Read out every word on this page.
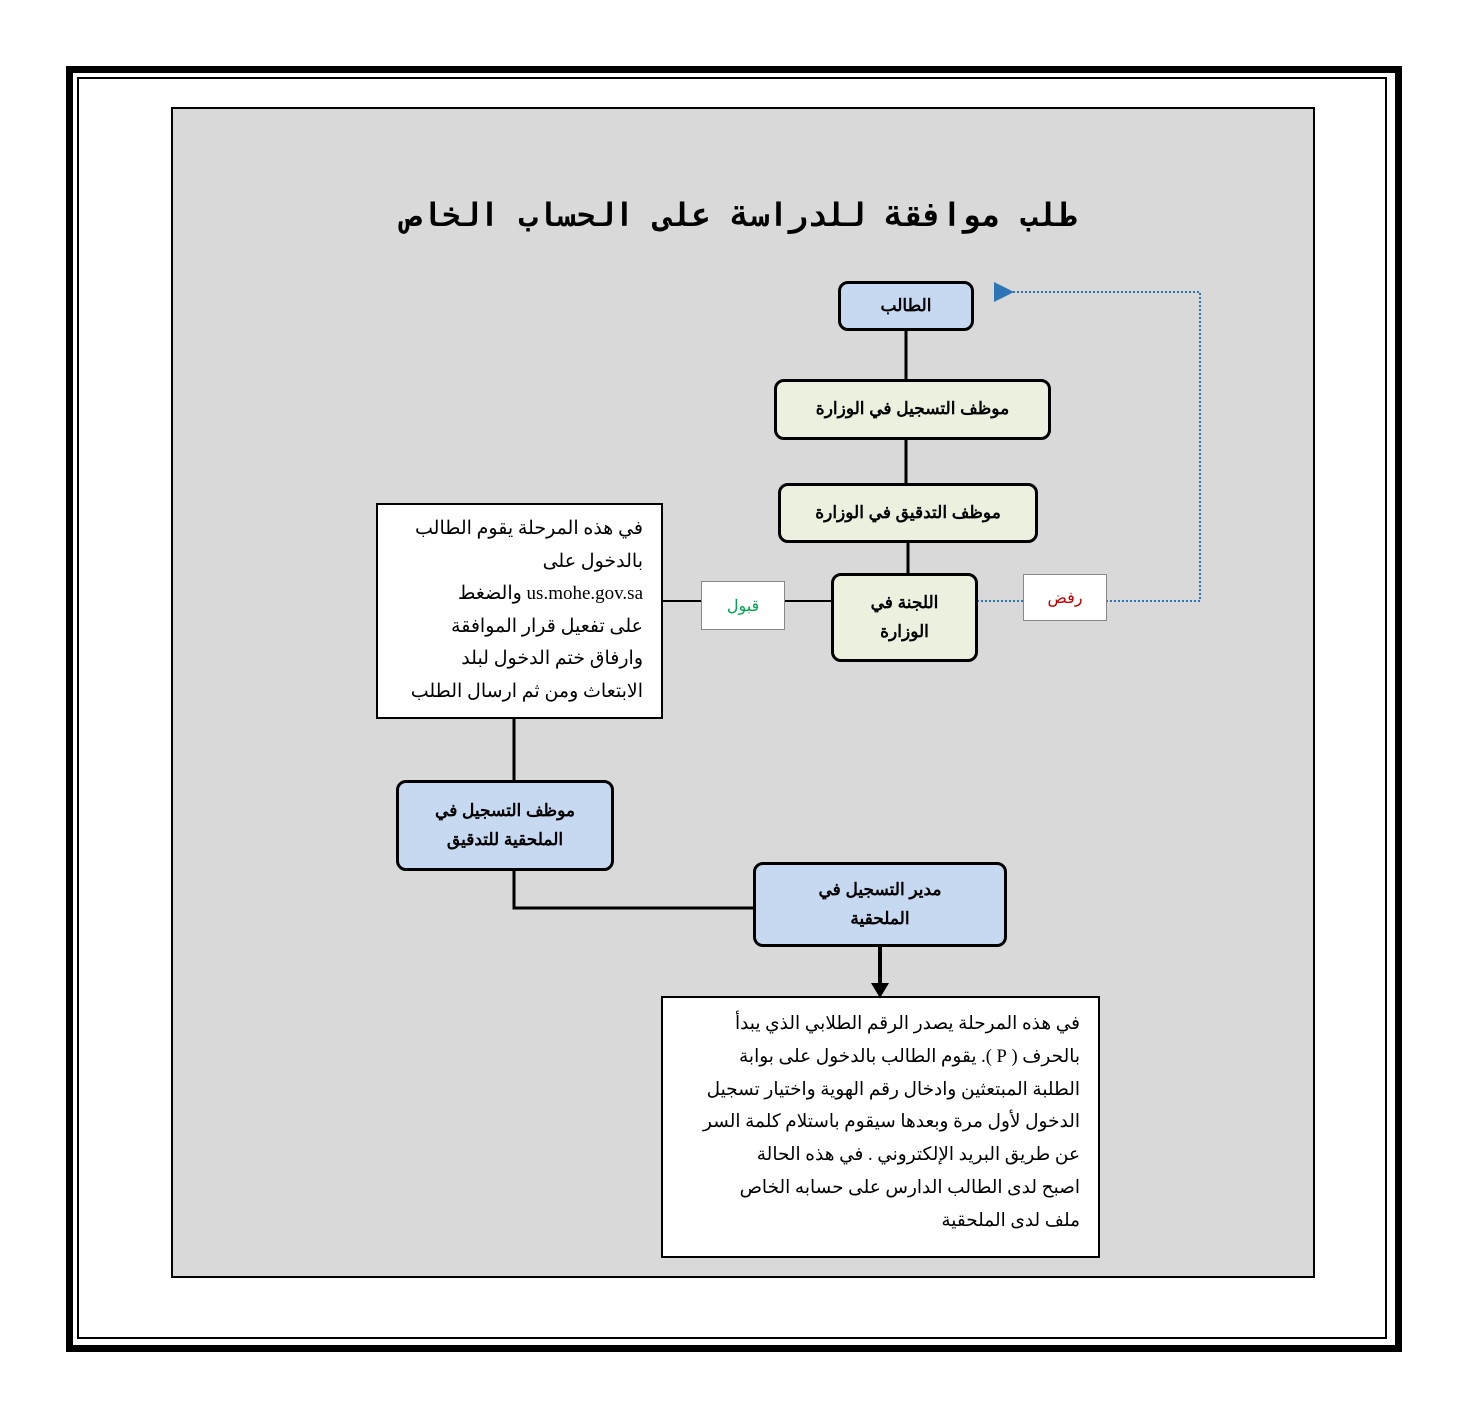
طلب موافقة للدراسة على الحساب الخاص
الطالب
موظف التسجيل في الوزارة
موظف التدقيق في الوزارة
اللجنة في
الوزارة
قبول	رفض
في هذه المرحلة يقوم الطالب
بالدخول على
us.mohe.gov.sa والضغط
على تفعيل قرار الموافقة
وارفاق ختم الدخول لبلد
الابتعاث ومن ثم ارسال الطلب
موظف التسجيل في
الملحقية للتدقيق
مدير التسجيل في
الملحقية
في هذه المرحلة يصدر الرقم الطلابي الذي يبدأ
بالحرف ( P ). يقوم الطالب بالدخول على بوابة
الطلبة المبتعثين وادخال رقم الهوية واختيار تسجيل
الدخول لأول مرة وبعدها سيقوم باستلام كلمة السر
عن طريق البريد الإلكتروني . في هذه الحالة
اصبح لدى الطالب الدارس على حسابه الخاص
ملف لدى الملحقية
